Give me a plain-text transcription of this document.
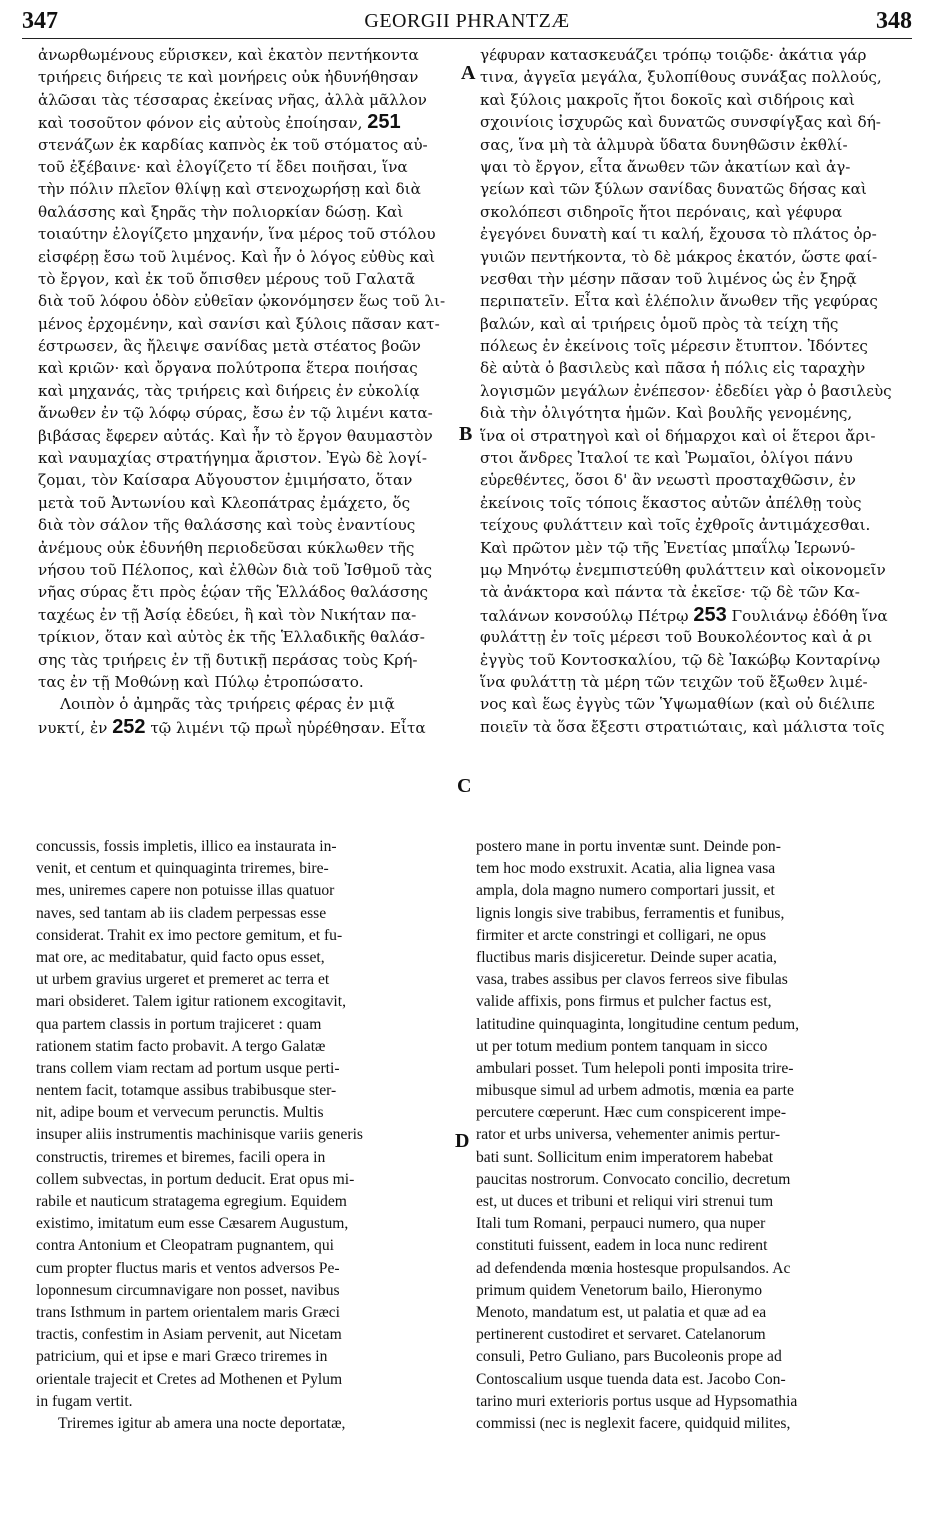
347	GEORGII PHRANTZÆ	348
ἀνωρθωμένους εὕρισκεν, καὶ ἑκατὸν πεντήκοντα
τριήρεις διήρεις τε καὶ μονήρεις οὐκ ἠδυνήθησαν
ἁλῶσαι τὰς τέσσαρας ἐκείνας νῆας, ἀλλὰ μᾶλλον
καὶ τοσοῦτον φόνον εἰς αὐτοὺς ἐποίησαν, 251
στενάζων ἐκ καρδίας καπνὸς ἐκ τοῦ στόματος αὐ-
τοῦ ἐξέβαινε· καὶ ἐλογίζετο τί ἔδει ποιῆσαι, ἵνα
τὴν πόλιν πλεῖον θλίψῃ καὶ στενοχωρήσῃ καὶ διὰ
θαλάσσης καὶ ξηρᾶς τὴν πολιορκίαν δώσῃ. Καὶ
τοιαύτην ἐλογίζετο μηχανήν, ἵνα μέρος τοῦ στόλου
εἰσφέρῃ ἔσω τοῦ λιμένος. Καὶ ἦν ὁ λόγος εὐθὺς καὶ
τὸ ἔργον, καὶ ἐκ τοῦ ὄπισθεν μέρους τοῦ Γαλατᾶ
διὰ τοῦ λόφου ὁδὸν εὐθεῖαν ᾠκονόμησεν ἕως τοῦ λι-
μένος ἐρχομένην, καὶ σανίσι καὶ ξύλοις πᾶσαν κατ-
έστρωσεν, ἃς ἤλειψε σανίδας μετὰ στέατος βοῶν
καὶ κριῶν· καὶ ὄργανα πολύτροπα ἕτερα ποιήσας
καὶ μηχανάς, τὰς τριήρεις καὶ διήρεις ἐν εὐκολίᾳ
ἄνωθεν ἐν τῷ λόφῳ σύρας, ἔσω ἐν τῷ λιμένι κατα-
βιβάσας ἔφερεν αὐτάς. Καὶ ἦν τὸ ἔργον θαυμαστὸν
καὶ ναυμαχίας στρατήγημα ἄριστον. Ἐγὼ δὲ λογί-
ζομαι, τὸν Καίσαρα Αὔγουστον ἐμιμήσατο, ὅταν
μετὰ τοῦ Ἀντωνίου καὶ Κλεοπάτρας ἐμάχετο, ὅς
διὰ τὸν σάλον τῆς θαλάσσης καὶ τοὺς ἐναντίους
ἀνέμους οὐκ ἐδυνήθη περιοδεῦσαι κύκλωθεν τῆς
νήσου τοῦ Πέλοπος, καὶ ἐλθὼν διὰ τοῦ Ἰσθμοῦ τὰς
νῆας σύρας ἔτι πρὸς ἑῴαν τῆς Ἑλλάδος θαλάσσης
ταχέως ἐν τῇ Ἀσίᾳ ἐδεύει, ἢ καὶ τὸν Νικήταν πα-
τρίκιον, ὅταν καὶ αὐτὸς ἐκ τῆς Ἑλλαδικῆς θαλάσ-
σης τὰς τριήρεις ἐν τῇ δυτικῇ περάσας τοὺς Κρή-
τας ἐν τῇ Μοθώνῃ καὶ Πύλῳ ἐτροπώσατο.
Λοιπὸν ὁ ἀμηρᾶς τὰς τριήρεις φέρας ἐν μιᾷ
νυκτί, ἐν 252 τῷ λιμένι τῷ πρωῒ ηὑρέθησαν. Εἶτα
γέφυραν κατασκευάζει τρόπῳ τοιῷδε· ἀκάτια γάρ
τινα, ἀγγεῖα μεγάλα, ξυλοπίθους συνάξας πολλούς,
καὶ ξύλοις μακροῖς ἤτοι δοκοῖς καὶ σιδήροις καὶ
σχοινίοις ἰσχυρῶς καὶ δυνατῶς συνσφίγξας καὶ δή-
σας, ἵνα μὴ τὰ ἁλμυρὰ ὕδατα δυνηθῶσιν ἐκθλί-
ψαι τὸ ἔργον, εἶτα ἄνωθεν τῶν ἀκατίων καὶ ἀγ-
γείων καὶ τῶν ξύλων σανίδας δυνατῶς δήσας καὶ
σκολόπεσι σιδηροῖς ἤτοι περόναις, καὶ γέφυρα
ἐγεγόνει δυνατὴ καί τι καλή, ἔχουσα τὸ πλάτος ὀρ-
γυιῶν πεντήκοντα, τὸ δὲ μάκρος ἑκατόν, ὥστε φαί-
νεσθαι τὴν μέσην πᾶσαν τοῦ λιμένος ὡς ἐν ξηρᾷ
περιπατεῖν. Εἶτα καὶ ἑλέπολιν ἄνωθεν τῆς γεφύρας
βαλών, καὶ αἱ τριήρεις ὁμοῦ πρὸς τὰ τείχη τῆς
πόλεως ἐν ἐκείνοις τοῖς μέρεσιν ἔτυπτον. Ἰδόντες
δὲ αὐτὰ ὁ βασιλεὺς καὶ πᾶσα ἡ πόλις εἰς ταραχὴν
λογισμῶν μεγάλων ἐνέπεσον· ἐδεδίει γὰρ ὁ βασιλεὺς
διὰ τὴν ὀλιγότητα ἡμῶν. Καὶ βουλῆς γενομένης,
ἵνα οἱ στρατηγοὶ καὶ οἱ δήμαρχοι καὶ οἱ ἕτεροι ἄρι-
στοι ἄνδρες Ἰταλοί τε καὶ Ῥωμαῖοι, ὀλίγοι πάνυ
εὑρεθέντες, ὅσοι δ' ἂν νεωστὶ προσταχθῶσιν, ἐν
ἐκείνοις τοῖς τόποις ἕκαστος αὐτῶν ἀπέλθῃ τοὺς
τείχους φυλάττειν καὶ τοῖς ἐχθροῖς ἀντιμάχεσθαι.
Καὶ πρῶτον μὲν τῷ τῆς Ἐνετίας μπαΐλῳ Ἱερωνύ-
μῳ Μηνότῳ ἐνεμπιστεύθη φυλάττειν καὶ οἰκονομεῖν
τὰ ἀνάκτορα καὶ πάντα τὰ ἐκεῖσε· τῷ δὲ τῶν Κα-
ταλάνων κονσούλῳ Πέτρῳ 253 Γουλιάνῳ ἐδόθη ἵνα
φυλάττῃ ἐν τοῖς μέρεσι τοῦ Βουκολέοντος καὶ ἀ ρι
ἐγγὺς τοῦ Κοντοσκαλίου, τῷ δὲ Ἰακώβῳ Κονταρίνῳ
ἵνα φυλάττῃ τὰ μέρη τῶν τειχῶν τοῦ ἔξωθεν λιμέ-
νος καὶ ἕως ἐγγὺς τῶν Ὑψωμαθίων (καὶ οὐ διέλιπε
ποιεῖν τὰ ὅσα ἔξεστι στρατιώταις, καὶ μάλιστα τοῖς
concussis, fossis impletis, illico ea instaurata in-
venit, et centum et quinquaginta triremes, bire-
mes, uniremes capere non potuisse illas quatuor
naves, sed tantam ab iis cladem perpessas esse
considerat. Trahit ex imo pectore gemitum, et fu-
mat ore, ac meditabatur, quid facto opus esset,
ut urbem gravius urgeret et premeret ac terra et
mari obsideret. Talem igitur rationem excogitavit,
qua partem classis in portum trajiceret : quam
rationem statim facto probavit. A tergo Galatæ
trans collem viam rectam ad portum usque perti-
nentem facit, totamque assibus trabibusque ster-
nit, adipe boum et vervecum perunctis. Multis
insuper aliis instrumentis machinisque variis generis
constructis, triremes et biremes, facili opera in
collem subvectas, in portum deducit. Erat opus mi-
rabile et nauticum stratagema egregium. Equidem
existimo, imitatum eum esse Cæsarem Augustum,
contra Antonium et Cleopatram pugnantem, qui
cum propter fluctus maris et ventos adversos Pe-
loponnesum circumnavigare non posset, navibus
trans Isthmum in partem orientalem maris Græci
tractis, confestim in Asiam pervenit, aut Nicetam
patricium, qui et ipse e mari Græco triremes in
orientale trajecit et Cretes ad Mothenen et Pylum
in fugam vertit.
Triremes igitur ab amera una nocte deportatæ,
postero mane in portu inventæ sunt. Deinde pon-
tem hoc modo exstruxit. Acatia, alia lignea vasa
ampla, dola magno numero comportari jussit, et
lignis longis sive trabibus, ferramentis et funibus,
firmiter et arcte constringi et colligari, ne opus
fluctibus maris disjiceretur. Deinde super acatia,
vasa, trabes assibus per clavos ferreos sive fibulas
valide affixis, pons firmus et pulcher factus est,
latitudine quinquaginta, longitudine centum pedum,
ut per totum medium pontem tanquam in sicco
ambulari posset. Tum helepoli ponti imposita trire-
mibusque simul ad urbem admotis, mœnia ea parte
percutere cœperunt. Hæc cum conspicerent impe-
rator et urbs universa, vehementer animis pertur-
bati sunt. Sollicitum enim imperatorem habebat
paucitas nostrorum. Convocato concilio, decretum
est, ut duces et tribuni et reliqui viri strenui tum
Itali tum Romani, perpauci numero, qua nuper
constituti fuissent, eadem in loca nunc redirent
ad defendenda mœnia hostesque propulsandos. Ac
primum quidem Venetorum bailo, Hieronymo
Menoto, mandatum est, ut palatia et quæ ad ea
pertinerent custodiret et servaret. Catelanorum
consuli, Petro Guliano, pars Bucoleonis prope ad
Contoscalium usque tuenda data est. Jacobo Con-
tarino muri exterioris portus usque ad Hypsomathia
commissi (nec is neglexit facere, quidquid milites,
A
B
C
D
